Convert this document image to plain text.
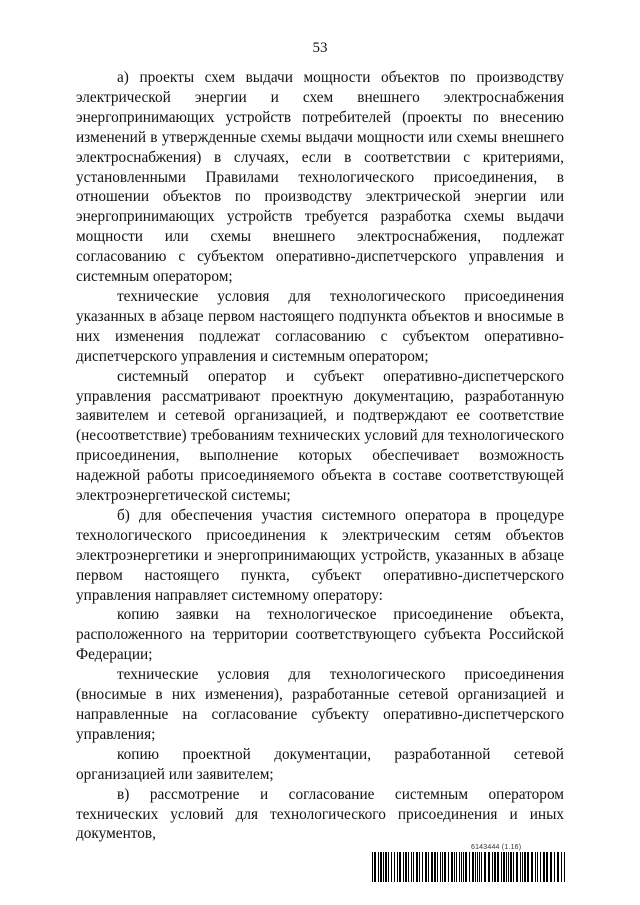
53

а) проекты схем выдачи мощности объектов по производству электрической энергии и схем внешнего электроснабжения энергопринимающих устройств потребителей (проекты по внесению изменений в утвержденные схемы выдачи мощности или схемы внешнего электроснабжения) в случаях, если в соответствии с критериями, установленными Правилами технологического присоединения, в отношении объектов по производству электрической энергии или энергопринимающих устройств требуется разработка схемы выдачи мощности или схемы внешнего электроснабжения, подлежат согласованию с субъектом оперативно-диспетчерского управления и системным оператором;

технические условия для технологического присоединения указанных в абзаце первом настоящего подпункта объектов и вносимые в них изменения подлежат согласованию с субъектом оперативно-диспетчерского управления и системным оператором;

системный оператор и субъект оперативно-диспетчерского управления рассматривают проектную документацию, разработанную заявителем и сетевой организацией, и подтверждают ее соответствие (несоответствие) требованиям технических условий для технологического присоединения, выполнение которых обеспечивает возможность надежной работы присоединяемого объекта в составе соответствующей электроэнергетической системы;

б) для обеспечения участия системного оператора в процедуре технологического присоединения к электрическим сетям объектов электроэнергетики и энергопринимающих устройств, указанных в абзаце первом настоящего пункта, субъект оперативно-диспетчерского управления направляет системному оператору:

копию заявки на технологическое присоединение объекта, расположенного на территории соответствующего субъекта Российской Федерации;

технические условия для технологического присоединения (вносимые в них изменения), разработанные сетевой организацией и направленные на согласование субъекту оперативно-диспетчерского управления;

копию проектной документации, разработанной сетевой организацией или заявителем;

в) рассмотрение и согласование системным оператором технических условий для технологического присоединения и иных документов,

6143444 (1.16)
